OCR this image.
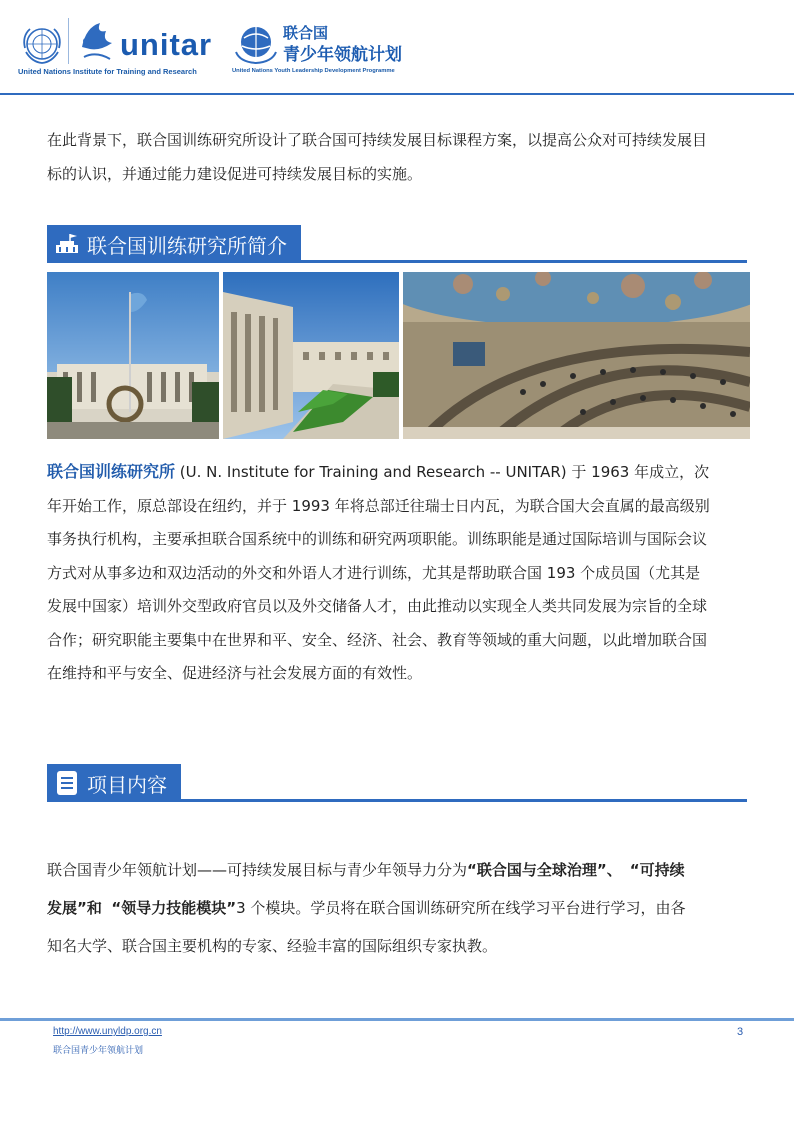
unitar
United Nations Institute for Training and Research
联合国
青少年领航计划
United Nations Youth Leadership Development Programme
在此背景下，联合国训练研究所设计了联合国可持续发展目标课程方案，以提高公众对可持续发展目
标的认识，并通过能力建设促进可持续发展目标的实施。
联合国训练研究所简介
联合国训练研究所 (U. N. Institute for Training and Research -- UNITAR) 于 1963 年成立，次
年开始工作，原总部设在纽约，并于 1993 年将总部迁往瑞士日内瓦，为联合国大会直属的最高级别
事务执行机构，主要承担联合国系统中的训练和研究两项职能。训练职能是通过国际培训与国际会议
方式对从事多边和双边活动的外交和外语人才进行训练，尤其是帮助联合国 193 个成员国（尤其是
发展中国家）培训外交型政府官员以及外交储备人才，由此推动以实现全人类共同发展为宗旨的全球
合作；研究职能主要集中在世界和平、安全、经济、社会、教育等领域的重大问题，以此增加联合国
在维持和平与安全、促进经济与社会发展方面的有效性。
项目内容
联合国青少年领航计划——可持续发展目标与青少年领导力分为“联合国与全球治理”、 “可持续
发展”和 “领导力技能模块”3 个模块。学员将在联合国训练研究所在线学习平台进行学习，由各
知名大学、联合国主要机构的专家、经验丰富的国际组织专家执教。
http://www.unyldp.org.cn
联合国青少年领航计划
3
